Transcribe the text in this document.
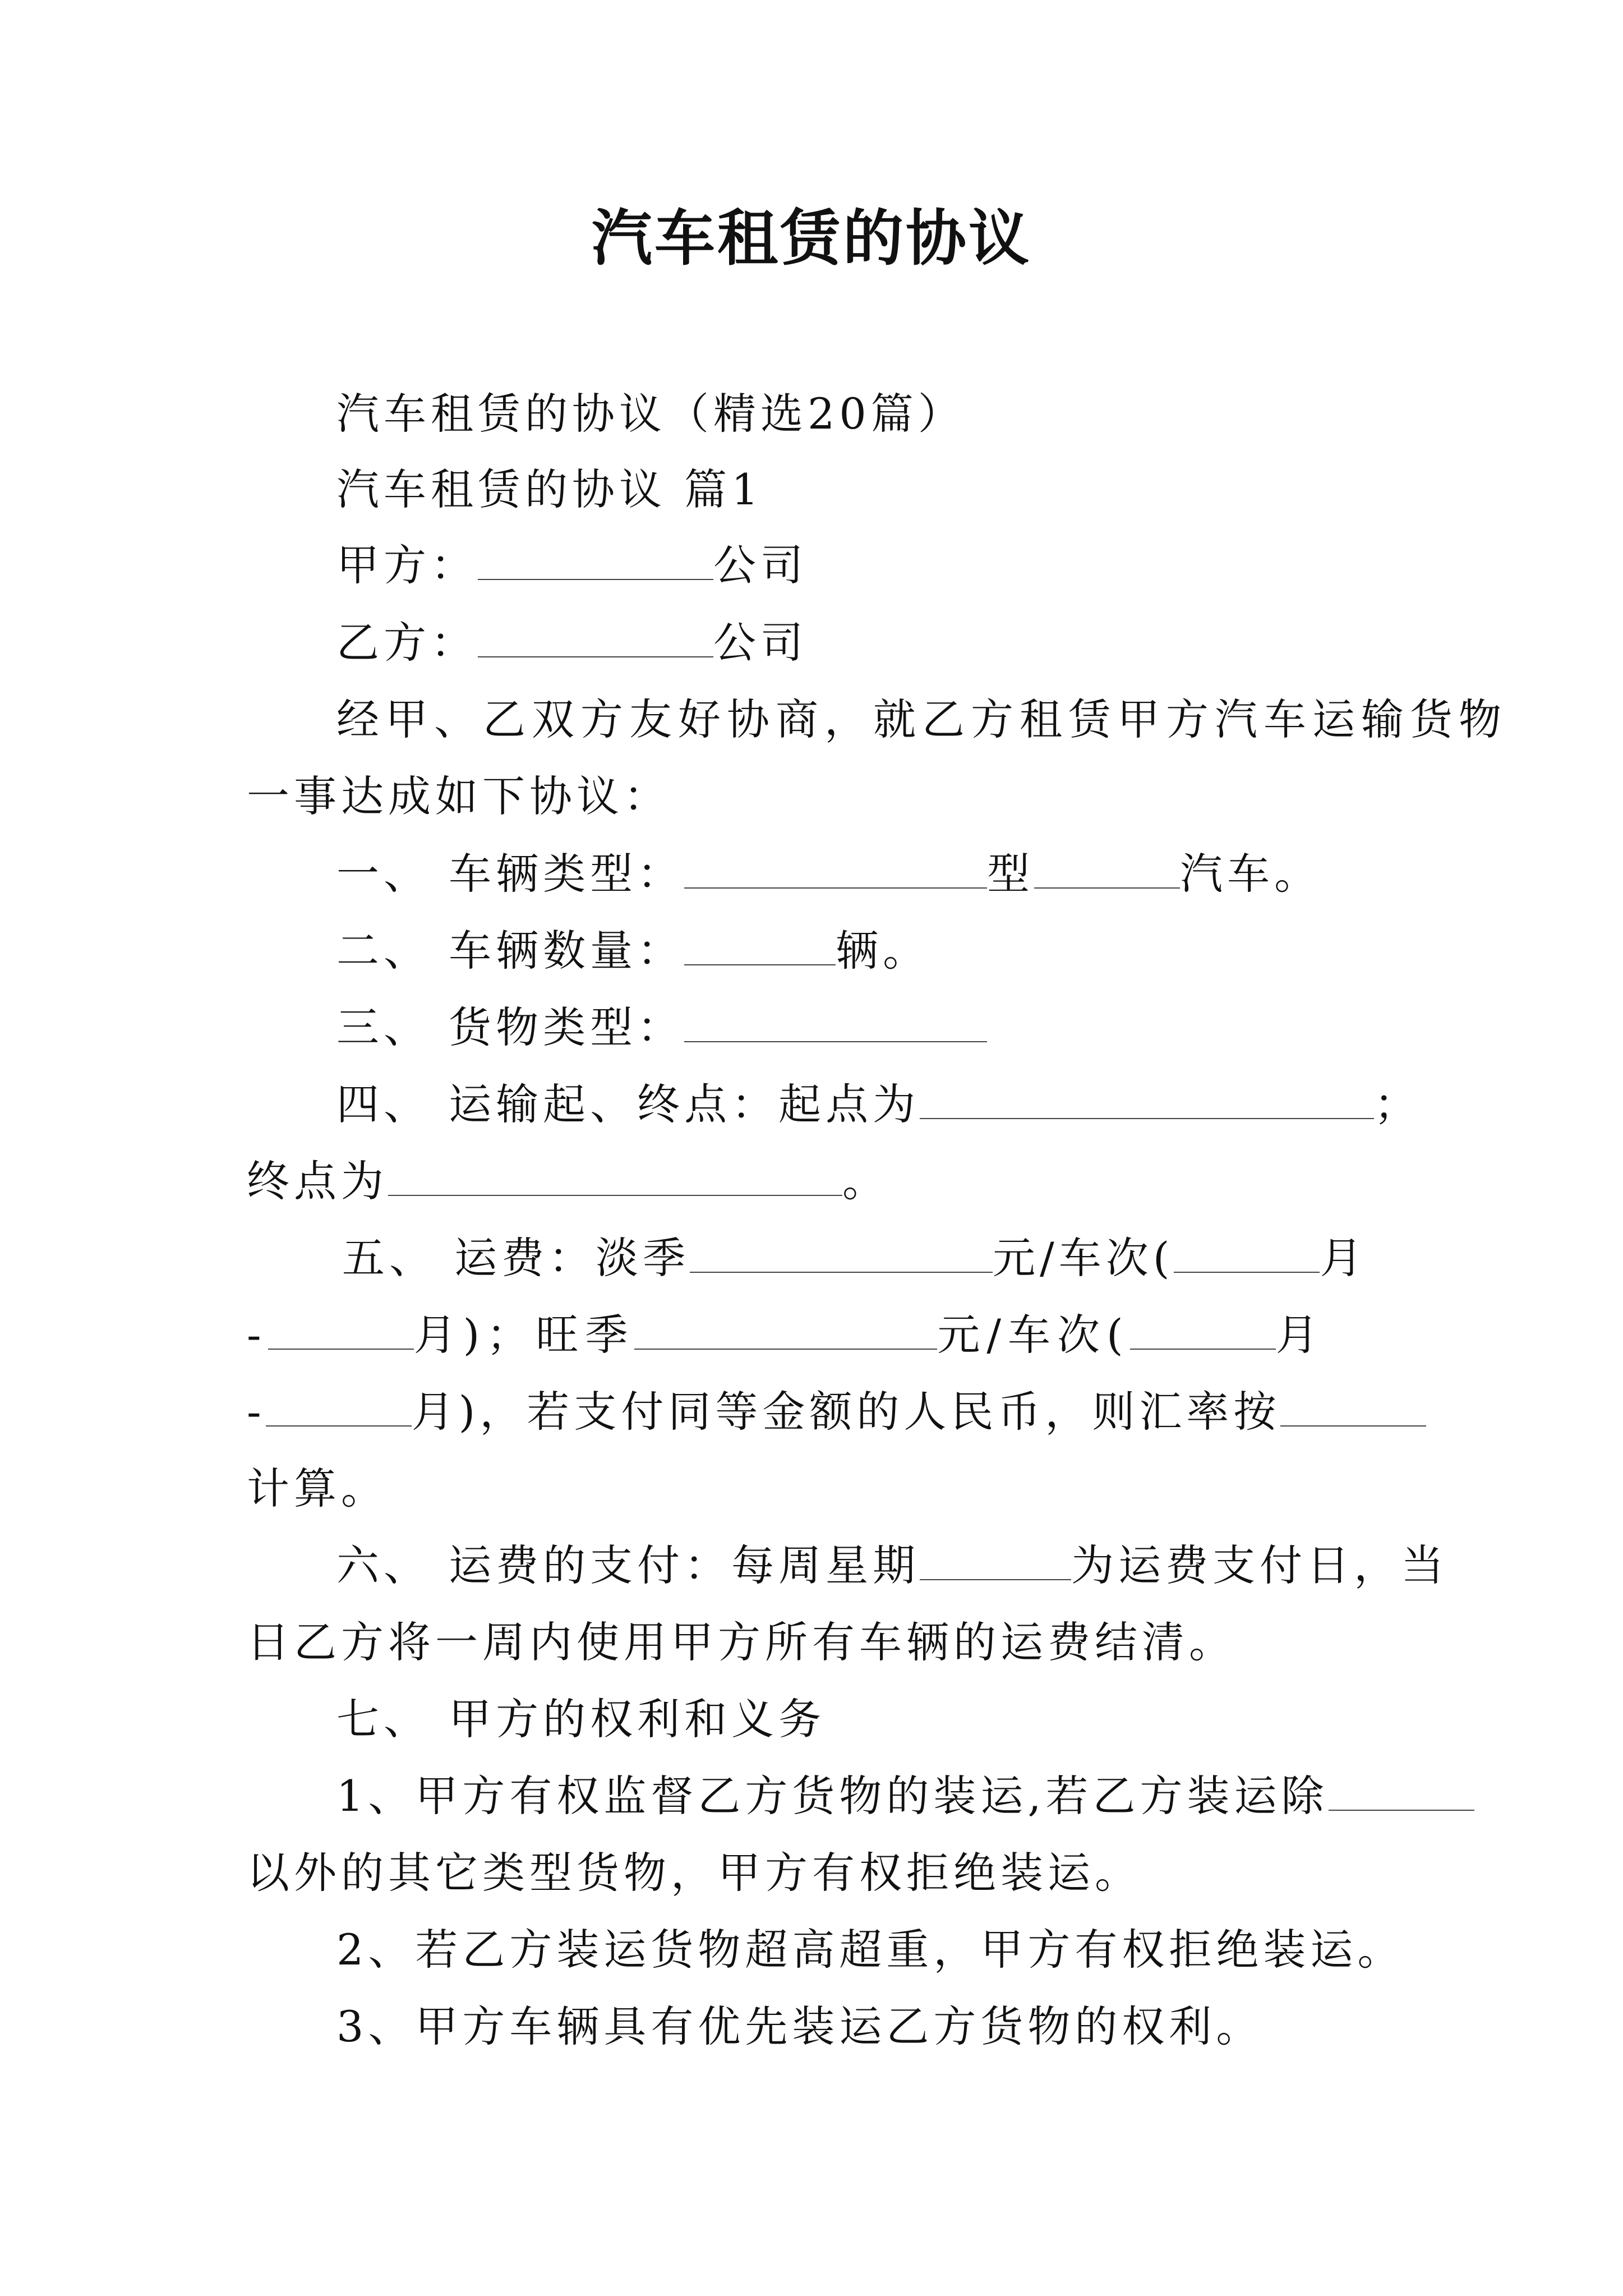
汽车租赁的协议
汽车租赁的协议（精选20篇）
汽车租赁的协议 篇1
甲方：	公司
乙方：	公司
经甲、乙双方友好协商，就乙方租赁甲方汽车运输货物
一事达成如下协议：
一、 车辆类型：	型	汽车。
二、 车辆数量：	辆。
三、 货物类型：
四、 运输起、终点：起点为	；
终点为	。
五、 运费：淡季	元/车次(	月
-	月)；旺季	元/车次(	月
-	月)，若支付同等金额的人民币，则汇率按
计算。
六、 运费的支付：每周星期	为运费支付日，当
日乙方将一周内使用甲方所有车辆的运费结清。
七、 甲方的权利和义务
1、甲方有权监督乙方货物的装运,若乙方装运除
以外的其它类型货物，甲方有权拒绝装运。
2、若乙方装运货物超高超重，甲方有权拒绝装运。
3、甲方车辆具有优先装运乙方货物的权利。
